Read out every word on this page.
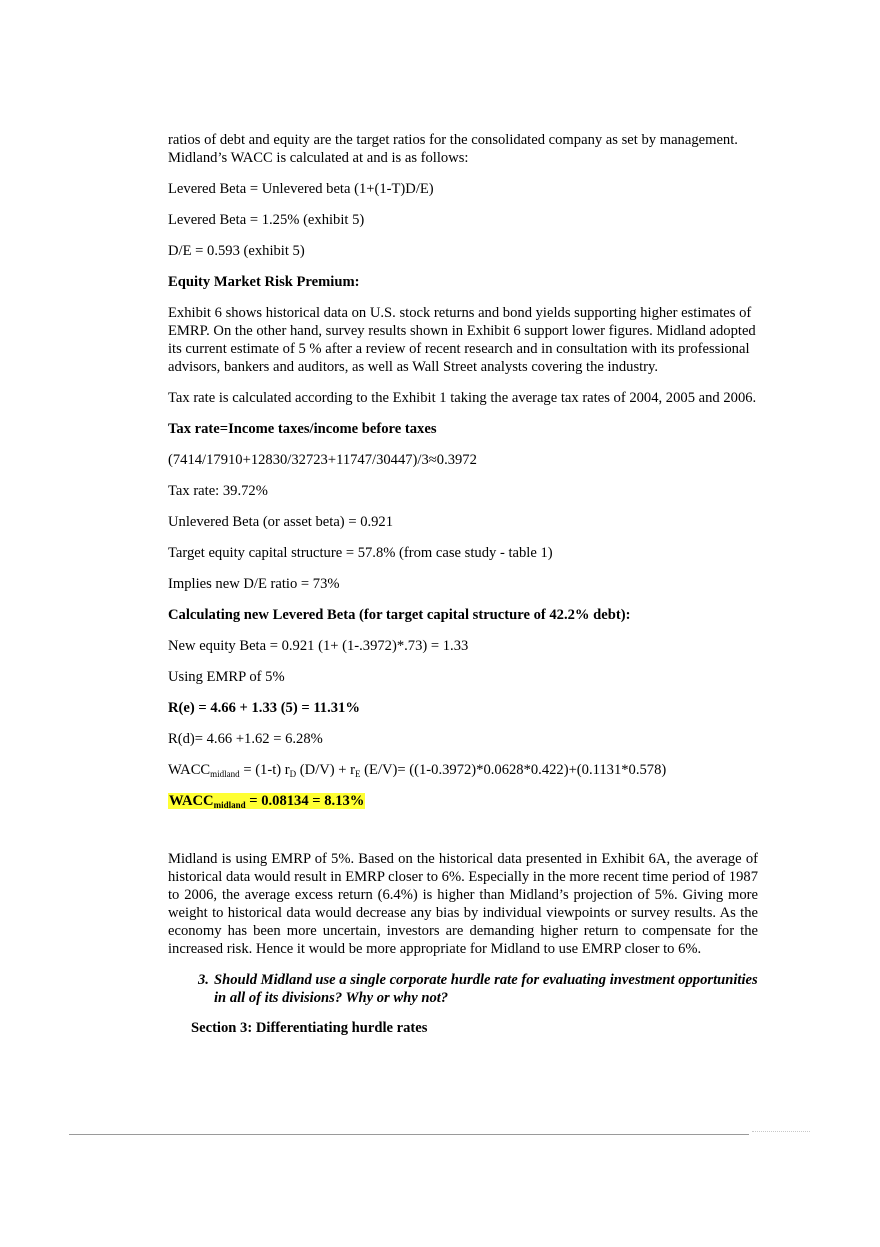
ratios of debt and equity are the target ratios for the consolidated company as set by management. Midland’s WACC is calculated at and is as follows:

Levered Beta = Unlevered beta (1+(1-T)D/E)

Levered Beta = 1.25% (exhibit 5)

D/E = 0.593 (exhibit 5)

Equity Market Risk Premium:

Exhibit 6 shows historical data on U.S. stock returns and bond yields supporting higher estimates of EMRP. On the other hand, survey results shown in Exhibit 6 support lower figures. Midland adopted its current estimate of 5 % after a review of recent research and in consultation with its professional advisors, bankers and auditors, as well as Wall Street analysts covering the industry.

Tax rate is calculated according to the Exhibit 1 taking the average tax rates of 2004, 2005 and 2006.

Tax rate=Income taxes/income before taxes

(7414/17910+12830/32723+11747/30447)/3≈0.3972

Tax rate: 39.72%

Unlevered Beta (or asset beta) = 0.921

Target equity capital structure = 57.8% (from case study - table 1)

Implies new D/E ratio = 73%

Calculating new Levered Beta (for target capital structure of 42.2% debt):

New equity Beta = 0.921 (1+ (1-.3972)*.73) = 1.33

Using EMRP of 5%

R(e) = 4.66 + 1.33 (5) = 11.31%

R(d)= 4.66 +1.62 = 6.28%

$WACC_{midland} = (1-t)$ $r_D$ $(D/V) + r_E$ (E/V)= ((1-0.3972)*0.0628*0.422)+(0.1131*0.578)

$WACC_{midland} = 0.08134 = 8.13\%$

Midland is using EMRP of 5%. Based on the historical data presented in Exhibit 6A, the average of historical data would result in EMRP closer to 6%. Especially in the more recent time period of 1987 to 2006, the average excess return (6.4%) is higher than Midland’s projection of 5%. Giving more weight to historical data would decrease any bias by individual viewpoints or survey results. As the economy has been more uncertain, investors are demanding higher return to compensate for the increased risk. Hence it would be more appropriate for Midland to use EMRP closer to 6%.

3. Should Midland use a single corporate hurdle rate for evaluating investment opportunities in all of its divisions? Why or why not?

Section 3: Differentiating hurdle rates
